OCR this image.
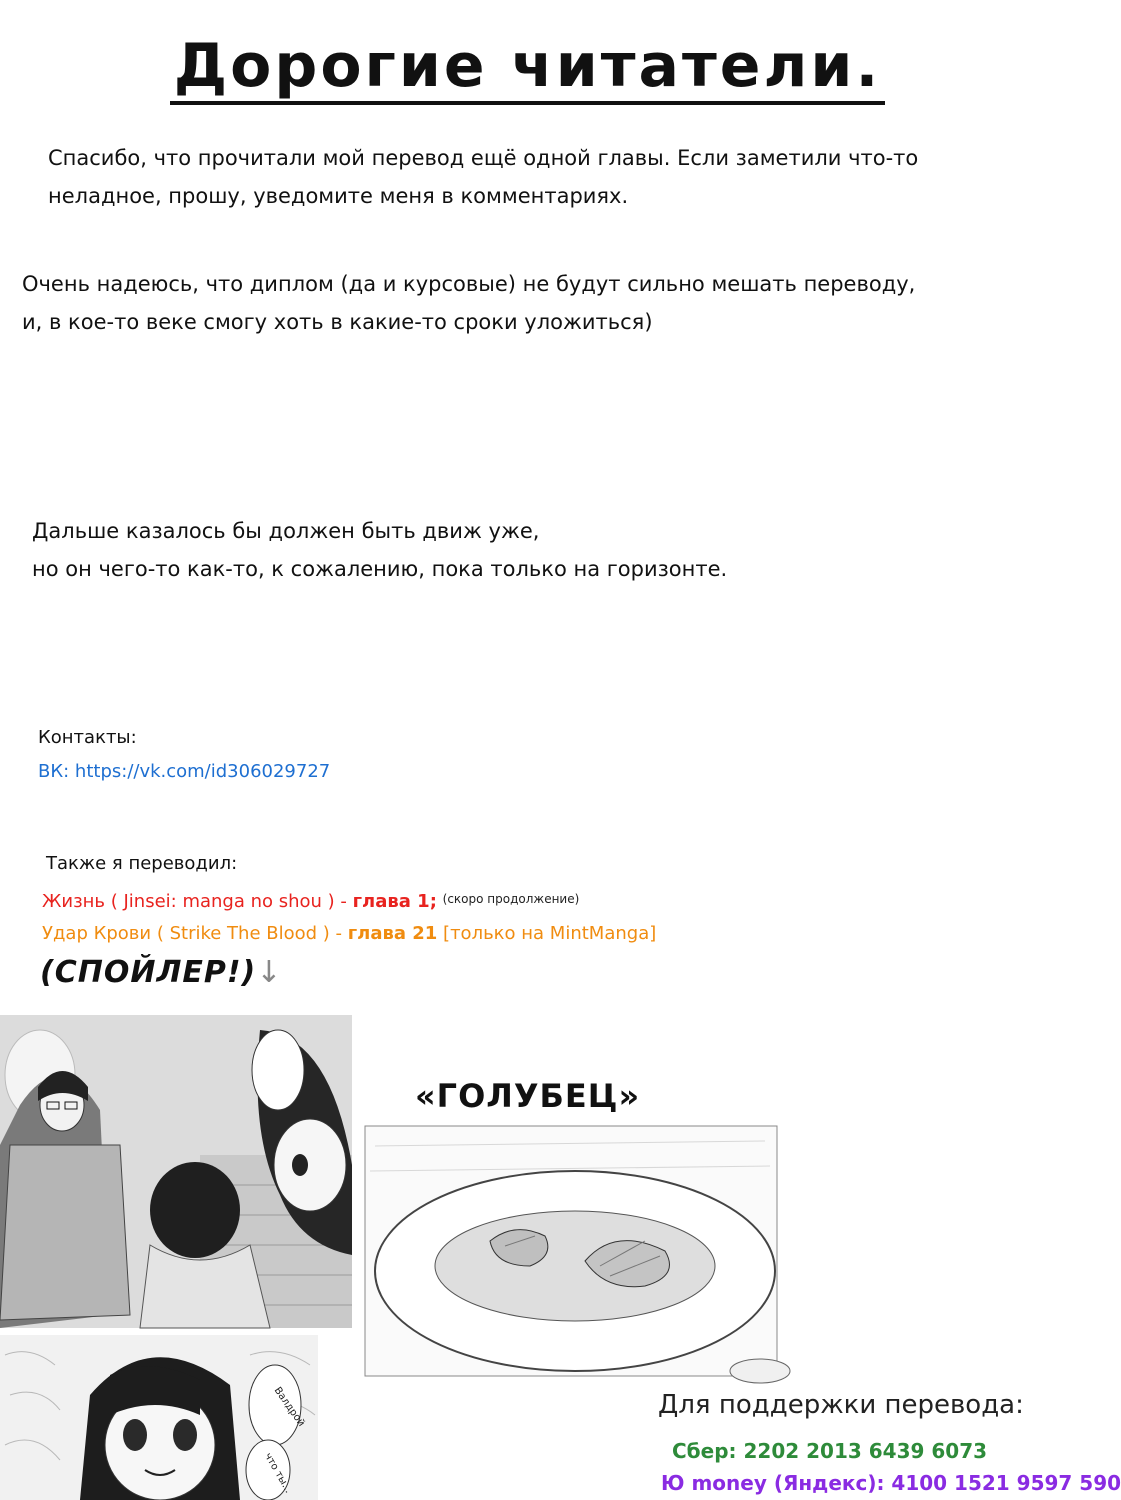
Дорогие читатели.
Спасибо, что прочитали мой перевод ещё одной главы. Если заметили что-то
неладное, прошу, уведомите меня в комментариях.
Очень надеюсь, что диплом (да и курсовые) не будут сильно мешать переводу,
и, в кое-то веке смогу хоть в какие-то сроки уложиться)
Дальше казалось бы должен быть движ уже,
но он чего-то как-то, к сожалению, пока только на горизонте.
Контакты:
ВК: https://vk.com/id306029727
Также я переводил:
Жизнь ( Jinsei: manga no shou ) - глава 1; $^{(скоро продолжение)}$
Удар Крови ( Strike The Blood ) - глава 21 [только на MintManga]
(СПОЙЛЕР!)↓
Валдрой
что ты...
«ГОЛУБЕЦ»
Для поддержки перевода:
Сбер: 2202 2013 6439 6073
Ю money (Яндекс): 4100 1521 9597 590
